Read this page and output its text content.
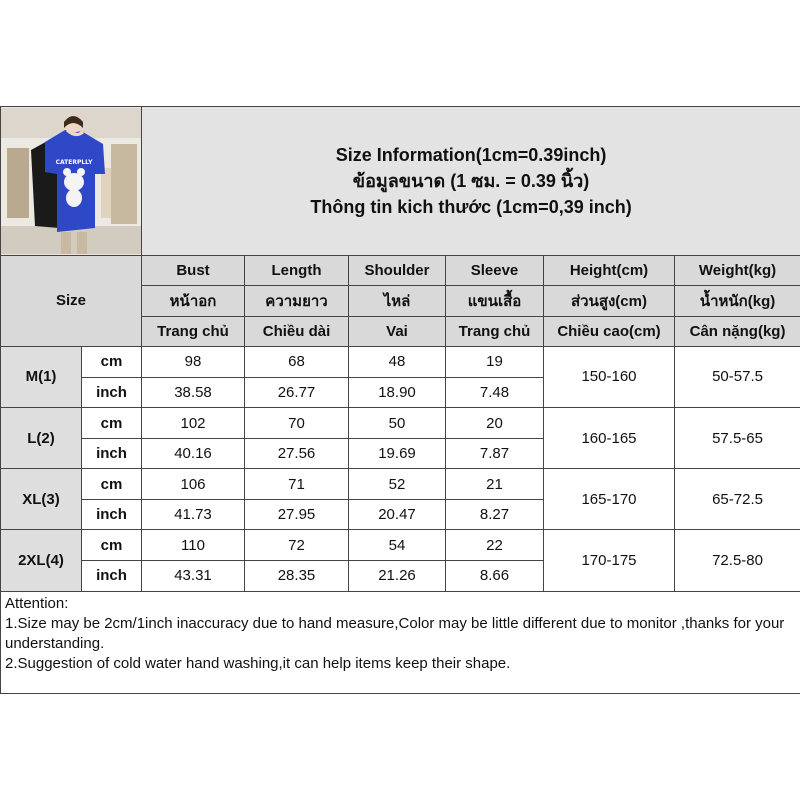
CATERPLLY		Size Information(1cm=0.39inch)
ข้อมูลขนาด (1 ซม. = 0.39 นิ้ว)
Thông tin kich thước (1cm=0,39 inch)					

Size		Bust	Length	Shoulder	Sleeve	Height(cm)	Weight(kg)
		หน้าอก	ความยาว	ไหล่	แขนเสื้อ	ส่วนสูง(cm)	น้ำหนัก(kg)
		Trang chủ	Chiều dài	Vai	Trang chủ	Chiều cao(cm)	Cân nặng(kg)
M(1)	cm	98	68	48	19	150-160	50-57.5
	inch	38.58	26.77	18.90	7.48		
L(2)	cm	102	70	50	20	160-165	57.5-65
	inch	40.16	27.56	19.69	7.87		
XL(3)	cm	106	71	52	21	165-170	65-72.5
	inch	41.73	27.95	20.47	8.27		
2XL(4)	cm	110	72	54	22	170-175	72.5-80
	inch	43.31	28.35	21.26	8.66		

Attention:
1.Size may be 2cm/1inch inaccuracy due to hand measure,Color may be little different due to monitor ,thanks for your understanding.
2.Suggestion of cold water hand washing,it can help items keep their shape.							
